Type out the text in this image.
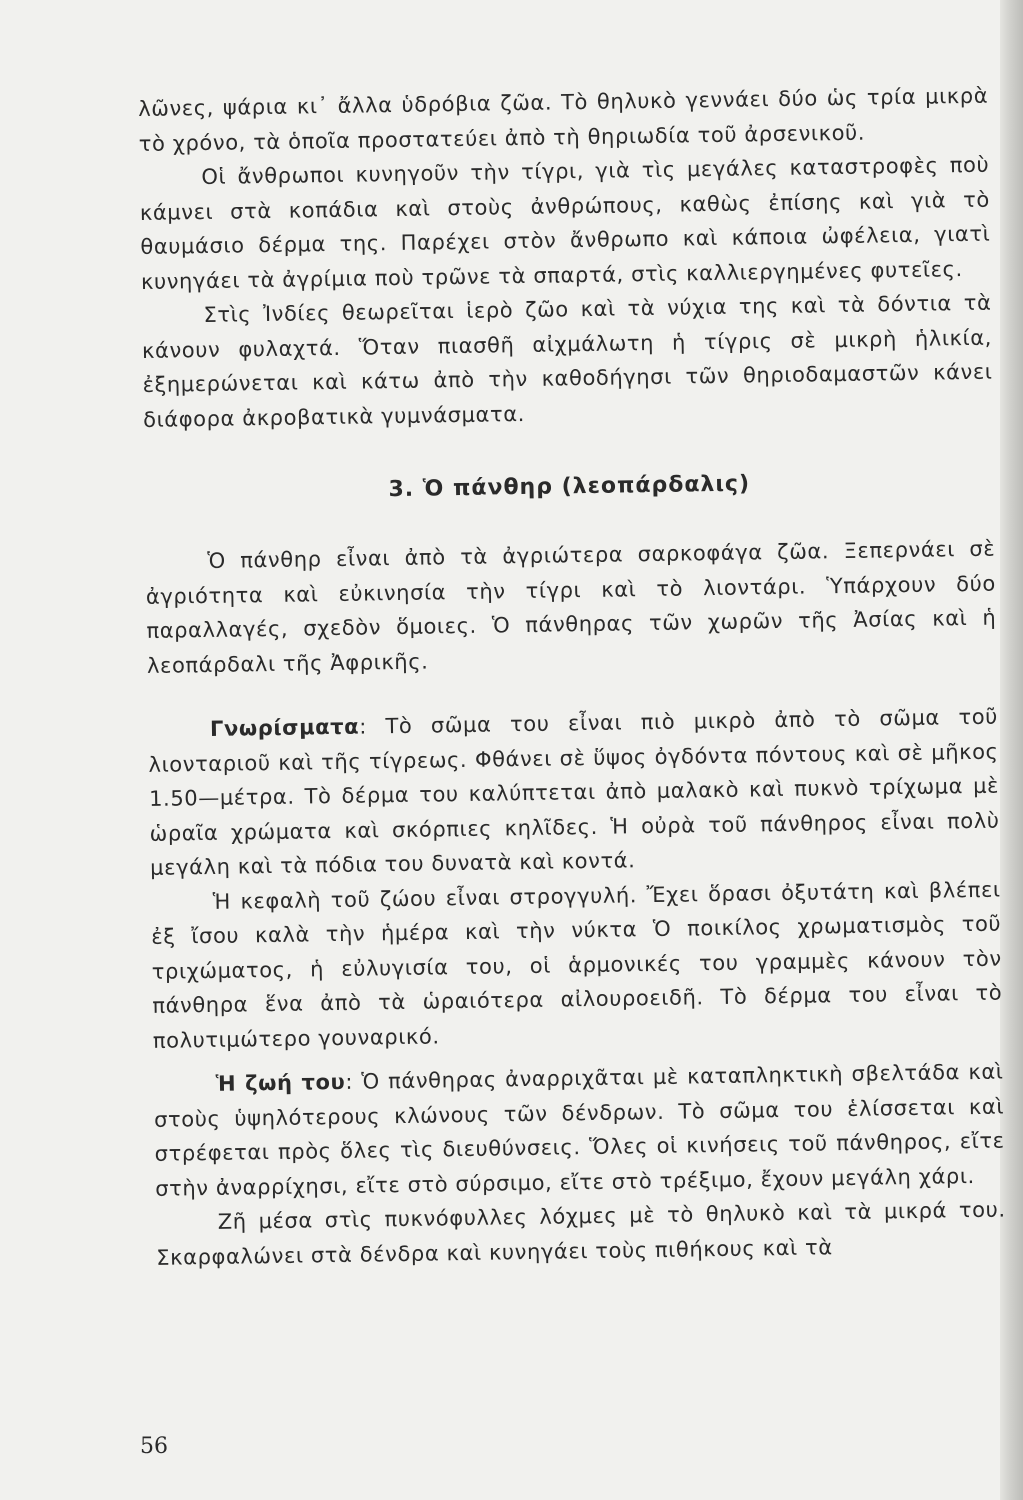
λῶνες, ψάρια κι᾿ ἄλλα ὑδρόβια ζῶα. Τὸ θηλυκὸ γεννάει δύο ὡς τρία μικρὰ τὸ χρόνο, τὰ ὁποῖα προστατεύει ἀπὸ τὴ θηριωδία τοῦ ἀρσενικοῦ.

Οἱ ἄνθρωποι κυνηγοῦν τὴν τίγρι, γιὰ τὶς μεγάλες καταστροφὲς ποὺ κάμνει στὰ κοπάδια καὶ στοὺς ἀνθρώπους, καθὼς ἐπίσης καὶ γιὰ τὸ θαυμάσιο δέρμα της. Παρέχει στὸν ἄνθρωπο καὶ κάποια ὠφέλεια, γιατὶ κυνηγάει τὰ ἀγρίμια ποὺ τρῶνε τὰ σπαρτά, στὶς καλλιεργημένες φυτεῖες.

Στὶς Ἰνδίες θεωρεῖται ἱερὸ ζῶο καὶ τὰ νύχια της καὶ τὰ δόντια τὰ κάνουν φυλαχτά. Ὅταν πιασθῆ αἰχμάλωτη ἡ τίγρις σὲ μικρὴ ἡλικία, ἐξημερώνεται καὶ κάτω ἀπὸ τὴν καθοδήγησι τῶν θηριοδαμαστῶν κάνει διάφορα ἀκροβατικὰ γυμνάσματα.

3. Ὁ πάνθηρ (λεοπάρδαλις)

Ὁ πάνθηρ εἶναι ἀπὸ τὰ ἀγριώτερα σαρκοφάγα ζῶα. Ξεπερνάει σὲ ἀγριότητα καὶ εὐκινησία τὴν τίγρι καὶ τὸ λιοντάρι. Ὑπάρχουν δύο παραλλαγές, σχεδὸν ὅμοιες. Ὁ πάνθηρας τῶν χωρῶν τῆς Ἀσίας καὶ ἡ λεοπάρδαλι τῆς Ἀφρικῆς.

Γνωρίσματα: Τὸ σῶμα του εἶναι πιὸ μικρὸ ἀπὸ τὸ σῶμα τοῦ λιονταριοῦ καὶ τῆς τίγρεως. Φθάνει σὲ ὕψος ὀγδόντα πόντους καὶ σὲ μῆκος 1.50—μέτρα. Τὸ δέρμα του καλύπτεται ἀπὸ μαλακὸ καὶ πυκνὸ τρίχωμα μὲ ὡραῖα χρώματα καὶ σκόρπιες κηλῖδες. Ἡ οὐρὰ τοῦ πάνθηρος εἶναι πολὺ μεγάλη καὶ τὰ πόδια του δυνατὰ καὶ κοντά.

Ἡ κεφαλὴ τοῦ ζώου εἶναι στρογγυλή. Ἔχει ὅρασι ὀξυτάτη καὶ βλέπει ἐξ ἴσου καλὰ τὴν ἡμέρα καὶ τὴν νύκτα Ὁ ποικίλος χρωματισμὸς τοῦ τριχώματος, ἡ εὐλυγισία του, οἱ ἁρμονικές του γραμμὲς κάνουν τὸν πάνθηρα ἕνα ἀπὸ τὰ ὡραιότερα αἰλουροειδῆ. Τὸ δέρμα του εἶναι τὸ πολυτιμώτερο γουναρικό.

Ἡ ζωή του: Ὁ πάνθηρας ἀναρριχᾶται μὲ καταπληκτικὴ σβελτάδα καὶ στοὺς ὑψηλότερους κλώνους τῶν δένδρων. Τὸ σῶμα του ἑλίσσεται καὶ στρέφεται πρὸς ὅλες τὶς διευθύνσεις. Ὅλες οἱ κινήσεις τοῦ πάνθηρος, εἴτε στὴν ἀναρρίχησι, εἴτε στὸ σύρσιμο, εἴτε στὸ τρέξιμο, ἔχουν μεγάλη χάρι.

Ζῆ μέσα στὶς πυκνόφυλλες λόχμες μὲ τὸ θηλυκὸ καὶ τὰ μικρά του. Σκαρφαλώνει στὰ δένδρα καὶ κυνηγάει τοὺς πιθήκους καὶ τὰ

56
